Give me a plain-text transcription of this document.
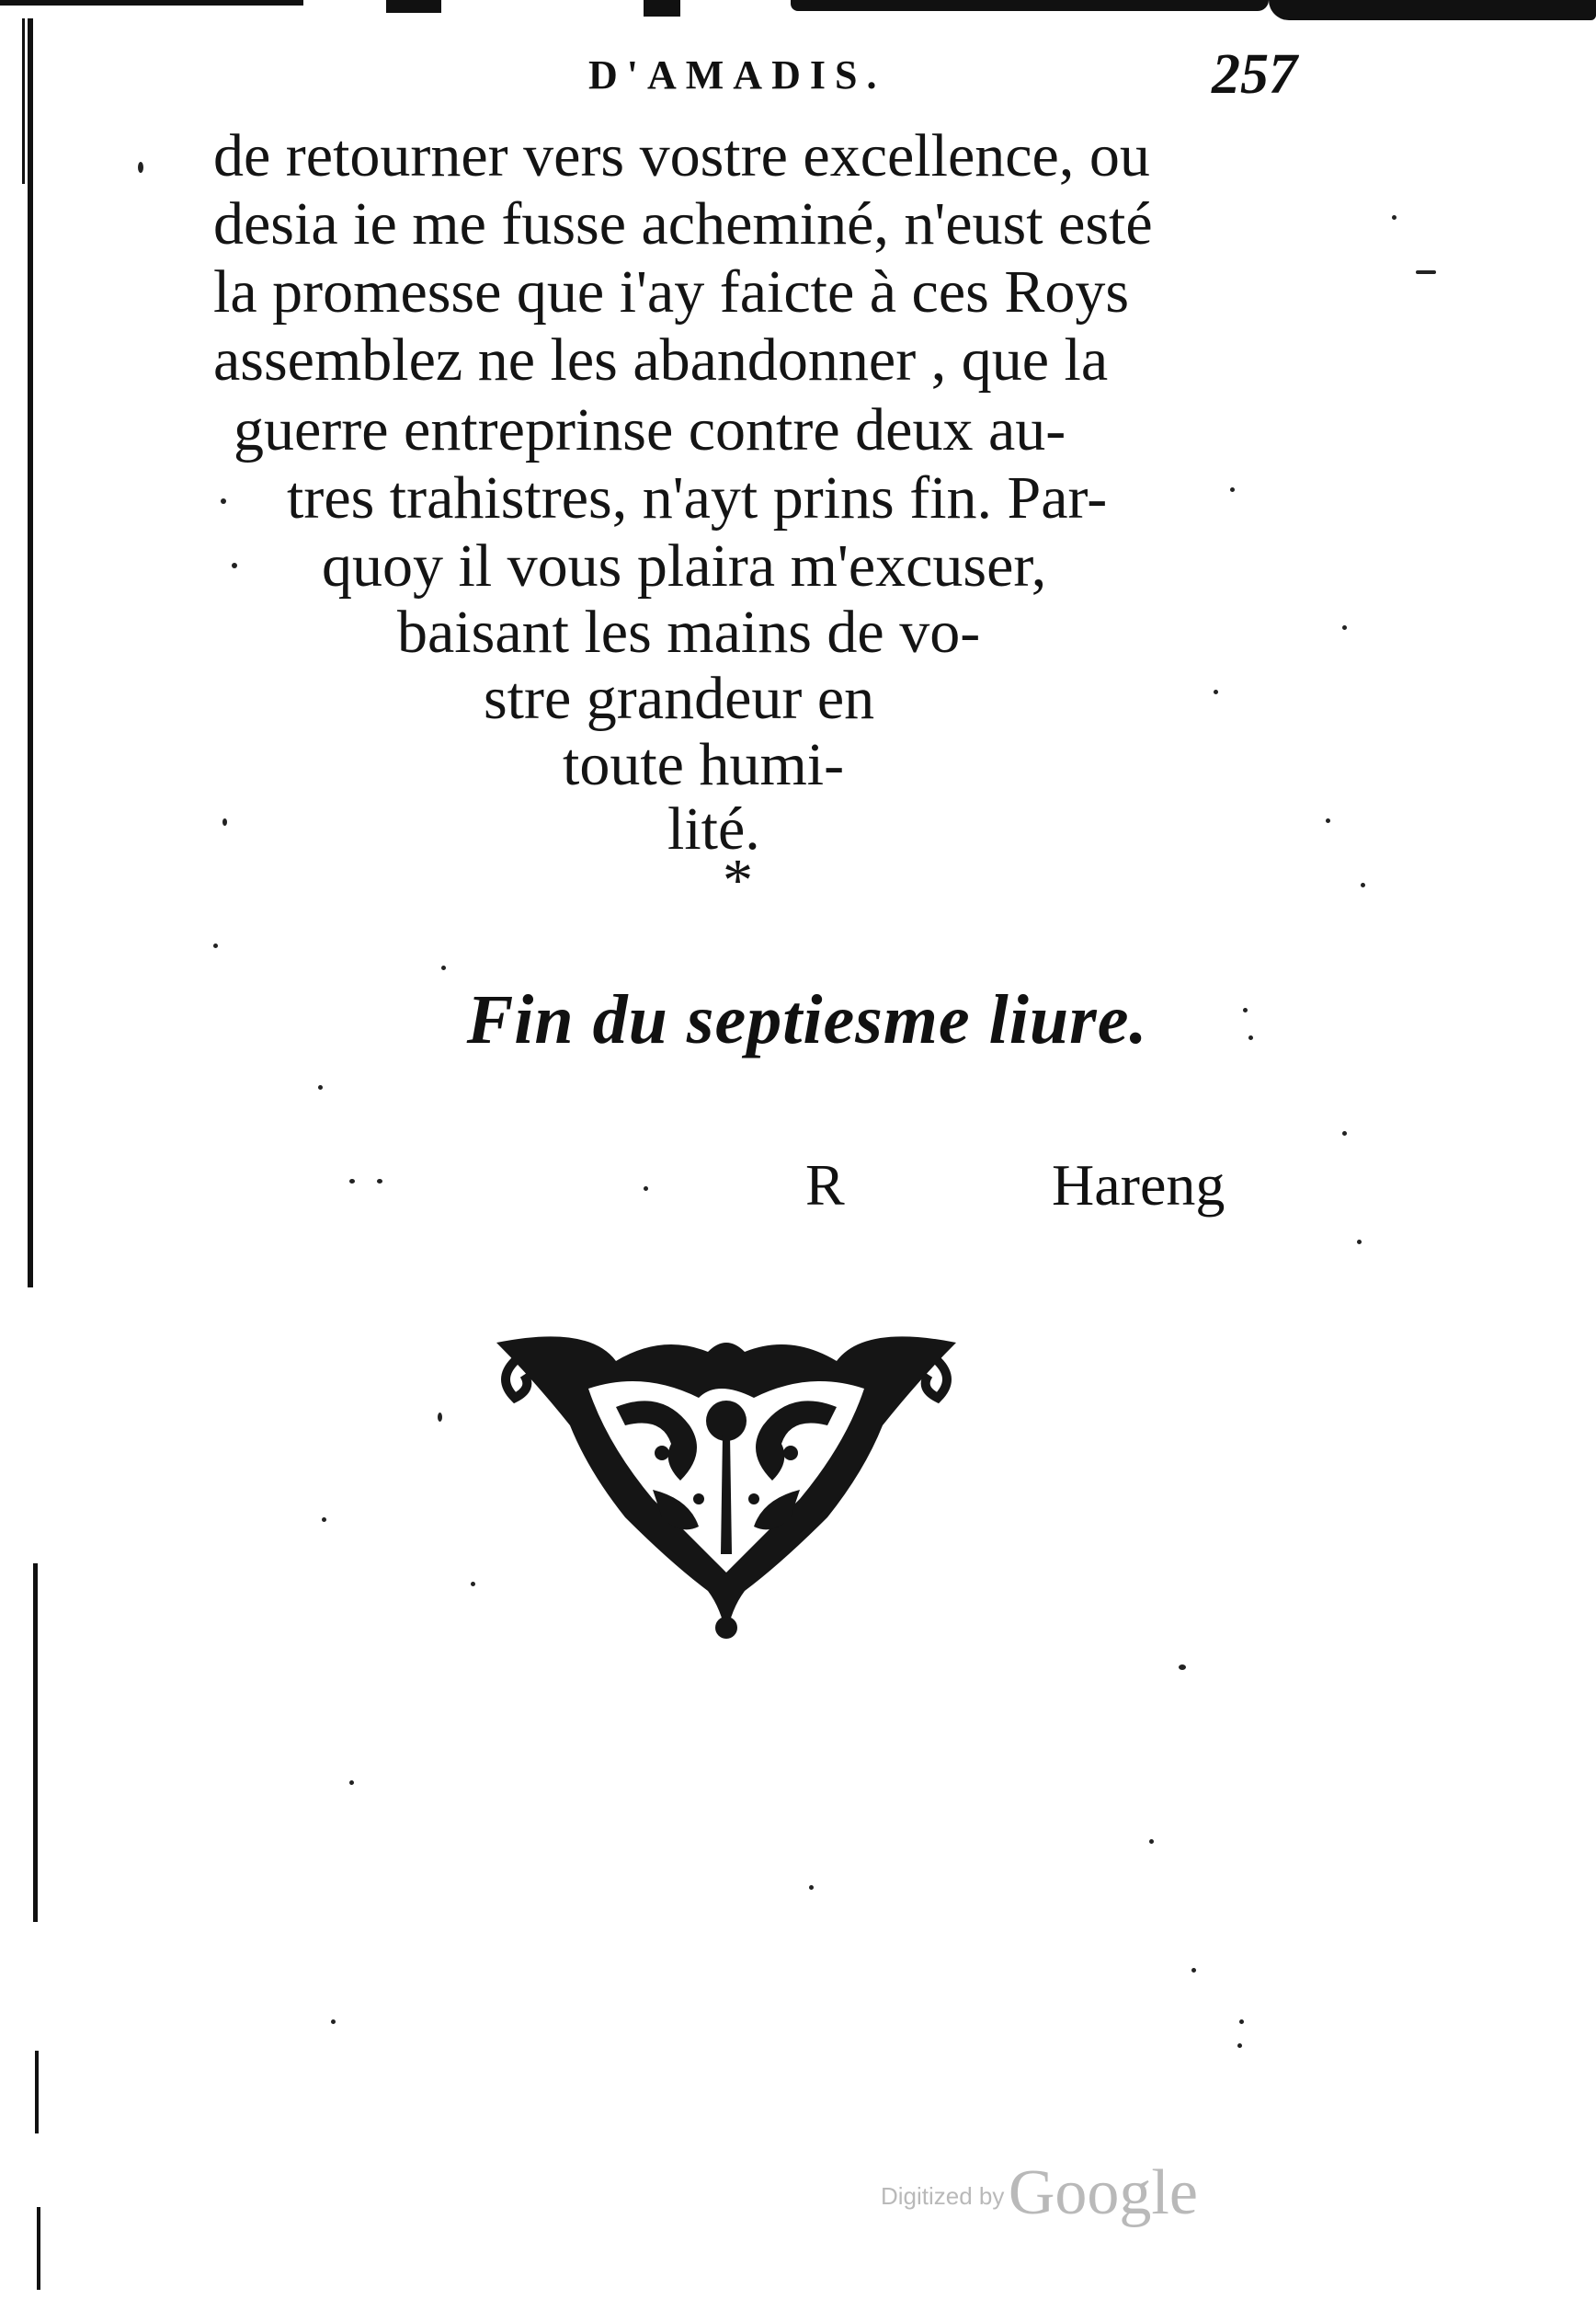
D'AMADIS.	257
de retourner vers vostre excellence, ou
desia ie me fusse acheminé, n'eust esté
la promesse que i'ay faicte à ces Roys
assemblez ne les abandonner , que la
guerre entreprinse contre deux au-
tres trahistres, n'ayt prins fin. Par-
quoy il vous plaira m'excuser,
baisant les mains de vo-
stre grandeur en
toute humi-
lité.
*
Fin du septiesme liure.
R	Hareng
Digitized by Google
